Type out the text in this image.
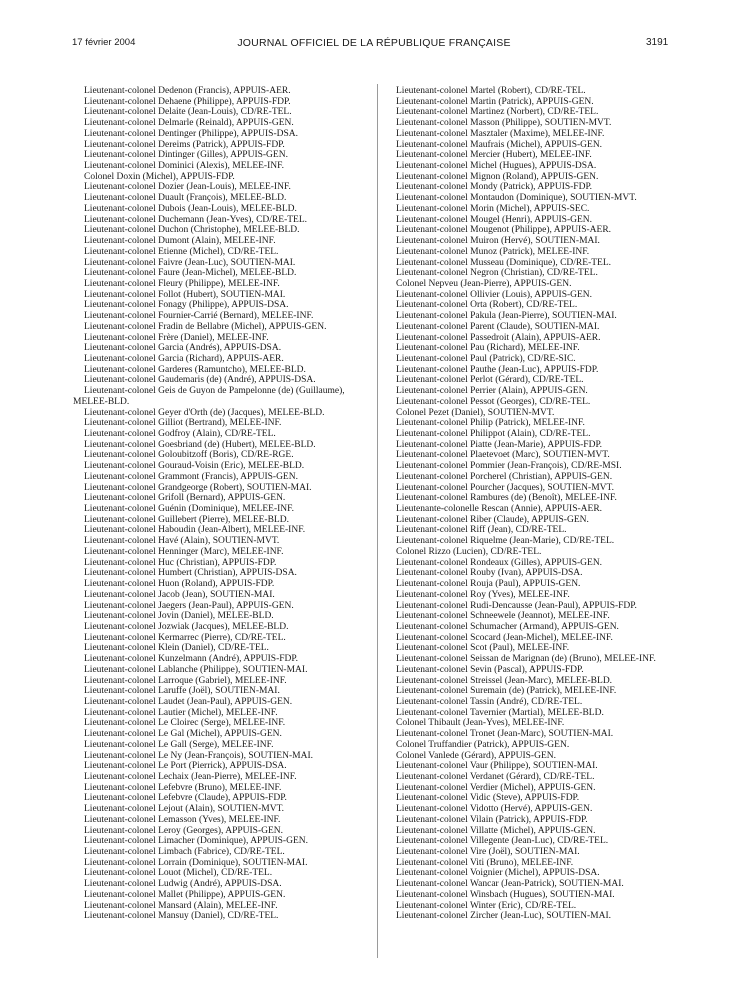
17 février 2004	JOURNAL OFFICIEL DE LA RÉPUBLIQUE FRANÇAISE	3191
Lieutenant-colonel Dedenon (Francis), APPUIS-AER.
Lieutenant-colonel Dehaene (Philippe), APPUIS-FDP.
Lieutenant-colonel Delaite (Jean-Louis), CD/RE-TEL.
Lieutenant-colonel Delmarle (Reinald), APPUIS-GEN.
Lieutenant-colonel Dentinger (Philippe), APPUIS-DSA.
Lieutenant-colonel Dereims (Patrick), APPUIS-FDP.
Lieutenant-colonel Dintinger (Gilles), APPUIS-GEN.
Lieutenant-colonel Dominici (Alexis), MELEE-INF.
Colonel Doxin (Michel), APPUIS-FDP.
Lieutenant-colonel Dozier (Jean-Louis), MELEE-INF.
Lieutenant-colonel Duault (François), MELEE-BLD.
Lieutenant-colonel Dubois (Jean-Louis), MELEE-BLD.
Lieutenant-colonel Duchemann (Jean-Yves), CD/RE-TEL.
Lieutenant-colonel Duchon (Christophe), MELEE-BLD.
Lieutenant-colonel Dumont (Alain), MELEE-INF.
Lieutenant-colonel Etienne (Michel), CD/RE-TEL.
Lieutenant-colonel Faivre (Jean-Luc), SOUTIEN-MAI.
Lieutenant-colonel Faure (Jean-Michel), MELEE-BLD.
Lieutenant-colonel Fleury (Philippe), MELEE-INF.
Lieutenant-colonel Follot (Hubert), SOUTIEN-MAI.
Lieutenant-colonel Fonagy (Philippe), APPUIS-DSA.
Lieutenant-colonel Fournier-Carrié (Bernard), MELEE-INF.
Lieutenant-colonel Fradin de Bellabre (Michel), APPUIS-GEN.
Lieutenant-colonel Frère (Daniel), MELEE-INF.
Lieutenant-colonel Garcia (Andrés), APPUIS-DSA.
Lieutenant-colonel Garcia (Richard), APPUIS-AER.
Lieutenant-colonel Garderes (Ramuntcho), MELEE-BLD.
Lieutenant-colonel Gaudemaris (de) (André), APPUIS-DSA.
Lieutenant-colonel Geis de Guyon de Pampelonne (de) (Guillaume),
MELEE-BLD.
Lieutenant-colonel Geyer d'Orth (de) (Jacques), MELEE-BLD.
Lieutenant-colonel Gilliot (Bertrand), MELEE-INF.
Lieutenant-colonel Godfroy (Alain), CD/RE-TEL.
Lieutenant-colonel Goesbriand (de) (Hubert), MELEE-BLD.
Lieutenant-colonel Goloubitzoff (Boris), CD/RE-RGE.
Lieutenant-colonel Gouraud-Voisin (Eric), MELEE-BLD.
Lieutenant-colonel Grammont (Francis), APPUIS-GEN.
Lieutenant-colonel Grandgeorge (Robert), SOUTIEN-MAI.
Lieutenant-colonel Grifoll (Bernard), APPUIS-GEN.
Lieutenant-colonel Guénin (Dominique), MELEE-INF.
Lieutenant-colonel Guillebert (Pierre), MELEE-BLD.
Lieutenant-colonel Haboudin (Jean-Albert), MELEE-INF.
Lieutenant-colonel Havé (Alain), SOUTIEN-MVT.
Lieutenant-colonel Henninger (Marc), MELEE-INF.
Lieutenant-colonel Huc (Christian), APPUIS-FDP.
Lieutenant-colonel Humbert (Christian), APPUIS-DSA.
Lieutenant-colonel Huon (Roland), APPUIS-FDP.
Lieutenant-colonel Jacob (Jean), SOUTIEN-MAI.
Lieutenant-colonel Jaegers (Jean-Paul), APPUIS-GEN.
Lieutenant-colonel Jovin (Daniel), MELEE-BLD.
Lieutenant-colonel Jozwiak (Jacques), MELEE-BLD.
Lieutenant-colonel Kermarrec (Pierre), CD/RE-TEL.
Lieutenant-colonel Klein (Daniel), CD/RE-TEL.
Lieutenant-colonel Kunzelmann (André), APPUIS-FDP.
Lieutenant-colonel Lablanche (Philippe), SOUTIEN-MAI.
Lieutenant-colonel Larroque (Gabriel), MELEE-INF.
Lieutenant-colonel Laruffe (Joël), SOUTIEN-MAI.
Lieutenant-colonel Laudet (Jean-Paul), APPUIS-GEN.
Lieutenant-colonel Lautier (Michel), MELEE-INF.
Lieutenant-colonel Le Cloirec (Serge), MELEE-INF.
Lieutenant-colonel Le Gal (Michel), APPUIS-GEN.
Lieutenant-colonel Le Gall (Serge), MELEE-INF.
Lieutenant-colonel Le Ny (Jean-François), SOUTIEN-MAI.
Lieutenant-colonel Le Port (Pierrick), APPUIS-DSA.
Lieutenant-colonel Lechaix (Jean-Pierre), MELEE-INF.
Lieutenant-colonel Lefebvre (Bruno), MELEE-INF.
Lieutenant-colonel Lefebvre (Claude), APPUIS-FDP.
Lieutenant-colonel Lejout (Alain), SOUTIEN-MVT.
Lieutenant-colonel Lemasson (Yves), MELEE-INF.
Lieutenant-colonel Leroy (Georges), APPUIS-GEN.
Lieutenant-colonel Limacher (Dominique), APPUIS-GEN.
Lieutenant-colonel Limbach (Fabrice), CD/RE-TEL.
Lieutenant-colonel Lorrain (Dominique), SOUTIEN-MAI.
Lieutenant-colonel Louot (Michel), CD/RE-TEL.
Lieutenant-colonel Ludwig (André), APPUIS-DSA.
Lieutenant-colonel Mallet (Philippe), APPUIS-GEN.
Lieutenant-colonel Mansard (Alain), MELEE-INF.
Lieutenant-colonel Mansuy (Daniel), CD/RE-TEL.
Lieutenant-colonel Martel (Robert), CD/RE-TEL.
Lieutenant-colonel Martin (Patrick), APPUIS-GEN.
Lieutenant-colonel Martinez (Norbert), CD/RE-TEL.
Lieutenant-colonel Masson (Philippe), SOUTIEN-MVT.
Lieutenant-colonel Masztaler (Maxime), MELEE-INF.
Lieutenant-colonel Maufrais (Michel), APPUIS-GEN.
Lieutenant-colonel Mercier (Hubert), MELEE-INF.
Lieutenant-colonel Michel (Hugues), APPUIS-DSA.
Lieutenant-colonel Mignon (Roland), APPUIS-GEN.
Lieutenant-colonel Mondy (Patrick), APPUIS-FDP.
Lieutenant-colonel Montaudon (Dominique), SOUTIEN-MVT.
Lieutenant-colonel Morin (Michel), APPUIS-SEC.
Lieutenant-colonel Mougel (Henri), APPUIS-GEN.
Lieutenant-colonel Mougenot (Philippe), APPUIS-AER.
Lieutenant-colonel Muiron (Hervé), SOUTIEN-MAI.
Lieutenant-colonel Munoz (Patrick), MELEE-INF.
Lieutenant-colonel Musseau (Dominique), CD/RE-TEL.
Lieutenant-colonel Negron (Christian), CD/RE-TEL.
Colonel Nepveu (Jean-Pierre), APPUIS-GEN.
Lieutenant-colonel Ollivier (Louis), APPUIS-GEN.
Lieutenant-colonel Orta (Robert), CD/RE-TEL.
Lieutenant-colonel Pakula (Jean-Pierre), SOUTIEN-MAI.
Lieutenant-colonel Parent (Claude), SOUTIEN-MAI.
Lieutenant-colonel Passedroit (Alain), APPUIS-AER.
Lieutenant-colonel Pau (Richard), MELEE-INF.
Lieutenant-colonel Paul (Patrick), CD/RE-SIC.
Lieutenant-colonel Pauthe (Jean-Luc), APPUIS-FDP.
Lieutenant-colonel Perlot (Gérard), CD/RE-TEL.
Lieutenant-colonel Perrier (Alain), APPUIS-GEN.
Lieutenant-colonel Pessot (Georges), CD/RE-TEL.
Colonel Pezet (Daniel), SOUTIEN-MVT.
Lieutenant-colonel Philip (Patrick), MELEE-INF.
Lieutenant-colonel Philippot (Alain), CD/RE-TEL.
Lieutenant-colonel Piatte (Jean-Marie), APPUIS-FDP.
Lieutenant-colonel Plaetevoet (Marc), SOUTIEN-MVT.
Lieutenant-colonel Pommier (Jean-François), CD/RE-MSI.
Lieutenant-colonel Porcherel (Christian), APPUIS-GEN.
Lieutenant-colonel Pourcher (Jacques), SOUTIEN-MVT.
Lieutenant-colonel Rambures (de) (Benoît), MELEE-INF.
Lieutenante-colonelle Rescan (Annie), APPUIS-AER.
Lieutenant-colonel Riber (Claude), APPUIS-GEN.
Lieutenant-colonel Riff (Jean), CD/RE-TEL.
Lieutenant-colonel Riquelme (Jean-Marie), CD/RE-TEL.
Colonel Rizzo (Lucien), CD/RE-TEL.
Lieutenant-colonel Rondeaux (Gilles), APPUIS-GEN.
Lieutenant-colonel Rouby (Ivan), APPUIS-DSA.
Lieutenant-colonel Rouja (Paul), APPUIS-GEN.
Lieutenant-colonel Roy (Yves), MELEE-INF.
Lieutenant-colonel Rudi-Dencausse (Jean-Paul), APPUIS-FDP.
Lieutenant-colonel Schneewele (Jeannot), MELEE-INF.
Lieutenant-colonel Schumacher (Armand), APPUIS-GEN.
Lieutenant-colonel Scocard (Jean-Michel), MELEE-INF.
Lieutenant-colonel Scot (Paul), MELEE-INF.
Lieutenant-colonel Seissan de Marignan (de) (Bruno), MELEE-INF.
Lieutenant-colonel Sevin (Pascal), APPUIS-FDP.
Lieutenant-colonel Streissel (Jean-Marc), MELEE-BLD.
Lieutenant-colonel Suremain (de) (Patrick), MELEE-INF.
Lieutenant-colonel Tassin (André), CD/RE-TEL.
Lieutenant-colonel Tavernier (Martial), MELEE-BLD.
Colonel Thibault (Jean-Yves), MELEE-INF.
Lieutenant-colonel Tronet (Jean-Marc), SOUTIEN-MAI.
Colonel Truffandier (Patrick), APPUIS-GEN.
Colonel Vanlede (Gérard), APPUIS-GEN.
Lieutenant-colonel Vaur (Philippe), SOUTIEN-MAI.
Lieutenant-colonel Verdanet (Gérard), CD/RE-TEL.
Lieutenant-colonel Verdier (Michel), APPUIS-GEN.
Lieutenant-colonel Vidic (Steve), APPUIS-FDP.
Lieutenant-colonel Vidotto (Hervé), APPUIS-GEN.
Lieutenant-colonel Vilain (Patrick), APPUIS-FDP.
Lieutenant-colonel Villatte (Michel), APPUIS-GEN.
Lieutenant-colonel Villegente (Jean-Luc), CD/RE-TEL.
Lieutenant-colonel Vire (Joël), SOUTIEN-MAI.
Lieutenant-colonel Viti (Bruno), MELEE-INF.
Lieutenant-colonel Voignier (Michel), APPUIS-DSA.
Lieutenant-colonel Wancar (Jean-Patrick), SOUTIEN-MAI.
Lieutenant-colonel Winsbach (Hugues), SOUTIEN-MAI.
Lieutenant-colonel Winter (Eric), CD/RE-TEL.
Lieutenant-colonel Zircher (Jean-Luc), SOUTIEN-MAI.
